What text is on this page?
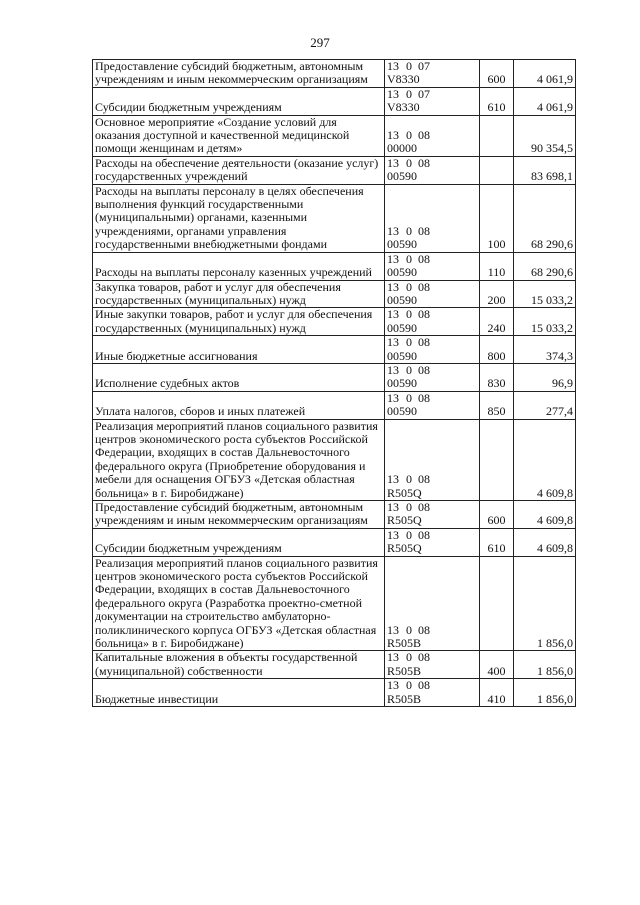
297
Предоставление субсидий бюджетным, автономным учреждениям и иным некоммерческим организациям	13 0 07V8330	600	4 061,9
Субсидии бюджетным учреждениям	13 0 07V8330	610	4 061,9
Основное мероприятие «Создание условий для оказания доступной и качественной медицинской помощи женщинам и детям»	13 0 0800000		90 354,5
Расходы на обеспечение деятельности (оказание услуг) государственных учреждений	13 0 0800590		83 698,1
Расходы на выплаты персоналу в целях обеспечения выполнения функций государственными (муниципальными) органами, казенными учреждениями, органами управления государственными внебюджетными фондами	13 0 0800590	100	68 290,6
Расходы на выплаты персоналу казенных учреждений	13 0 0800590	110	68 290,6
Закупка товаров, работ и услуг для обеспечения государственных (муниципальных) нужд	13 0 0800590	200	15 033,2
Иные закупки товаров, работ и услуг для обеспечения государственных (муниципальных) нужд	13 0 0800590	240	15 033,2
Иные бюджетные ассигнования	13 0 0800590	800	374,3
Исполнение судебных актов	13 0 0800590	830	96,9
Уплата налогов, сборов и иных платежей	13 0 0800590	850	277,4
Реализация мероприятий планов социального развития центров экономического роста субъектов Российской Федерации, входящих в состав Дальневосточного федерального округа (Приобретение оборудования и мебели для оснащения ОГБУЗ «Детская областная больница» в г. Биробиджане)	13 0 08R505Q		4 609,8
Предоставление субсидий бюджетным, автономным учреждениям и иным некоммерческим организациям	13 0 08R505Q	600	4 609,8
Субсидии бюджетным учреждениям	13 0 08R505Q	610	4 609,8
Реализация мероприятий планов социального развития центров экономического роста субъектов Российской Федерации, входящих в состав Дальневосточного федерального округа (Разработка проектно-сметной документации на строительство амбулаторно-поликлинического корпуса ОГБУЗ «Детская областная больница» в г. Биробиджане)	13 0 08R505B		1 856,0
Капитальные вложения в объекты государственной (муниципальной) собственности	13 0 08R505B	400	1 856,0
Бюджетные инвестиции	13 0 08R505B	410	1 856,0
